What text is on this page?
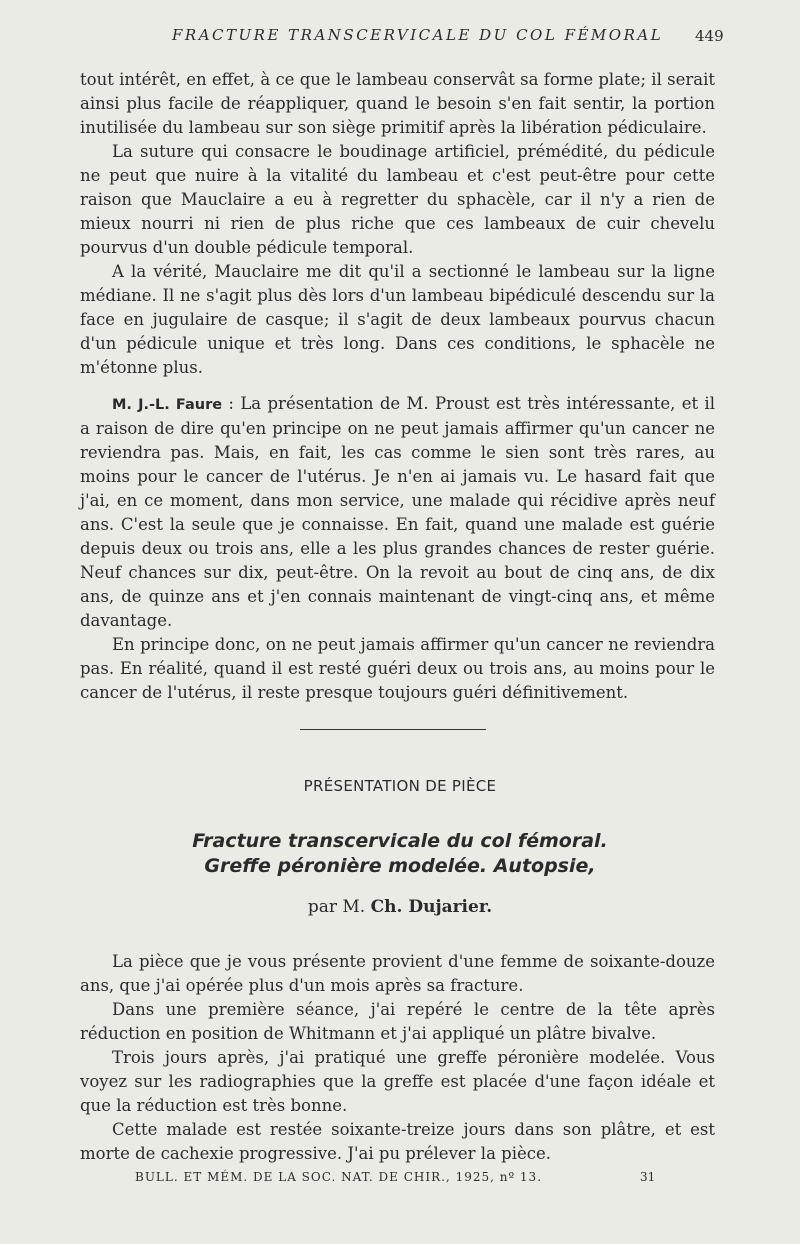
FRACTURE TRANSCERVICALE DU COL FÉMORAL 449

tout intérêt, en effet, à ce que le lambeau conservât sa forme plate; il serait ainsi plus facile de réappliquer, quand le besoin s'en fait sentir, la portion inutilisée du lambeau sur son siège primitif après la libération pédiculaire.

La suture qui consacre le boudinage artificiel, prémédité, du pédicule ne peut que nuire à la vitalité du lambeau et c'est peut-être pour cette raison que Mauclaire a eu à regretter du sphacèle, car il n'y a rien de mieux nourri ni rien de plus riche que ces lambeaux de cuir chevelu pourvus d'un double pédicule temporal.

A la vérité, Mauclaire me dit qu'il a sectionné le lambeau sur la ligne médiane. Il ne s'agit plus dès lors d'un lambeau bipédiculé descendu sur la face en jugulaire de casque; il s'agit de deux lambeaux pourvus chacun d'un pédicule unique et très long. Dans ces conditions, le sphacèle ne m'étonne plus.

M. J.-L. Faure : La présentation de M. Proust est très intéressante, et il a raison de dire qu'en principe on ne peut jamais affirmer qu'un cancer ne reviendra pas. Mais, en fait, les cas comme le sien sont très rares, au moins pour le cancer de l'utérus. Je n'en ai jamais vu. Le hasard fait que j'ai, en ce moment, dans mon service, une malade qui récidive après neuf ans. C'est la seule que je connaisse. En fait, quand une malade est guérie depuis deux ou trois ans, elle a les plus grandes chances de rester guérie. Neuf chances sur dix, peut-être. On la revoit au bout de cinq ans, de dix ans, de quinze ans et j'en connais maintenant de vingt-cinq ans, et même davantage.

En principe donc, on ne peut jamais affirmer qu'un cancer ne reviendra pas. En réalité, quand il est resté guéri deux ou trois ans, au moins pour le cancer de l'utérus, il reste presque toujours guéri définitivement.

PRÉSENTATION DE PIÈCE
Fracture transcervicale du col fémoral.
Greffe péronière modelée. Autopsie,
par M. Ch. Dujarier.

La pièce que je vous présente provient d'une femme de soixante-douze ans, que j'ai opérée plus d'un mois après sa fracture.

Dans une première séance, j'ai repéré le centre de la tête après réduction en position de Whitmann et j'ai appliqué un plâtre bivalve.

Trois jours après, j'ai pratiqué une greffe péronière modelée. Vous voyez sur les radiographies que la greffe est placée d'une façon idéale et que la réduction est très bonne.

Cette malade est restée soixante-treize jours dans son plâtre, et est morte de cachexie progressive. J'ai pu prélever la pièce.

BULL. ET MÉM. DE LA SOC. NAT. DE CHIR., 1925, nº 13.	31
